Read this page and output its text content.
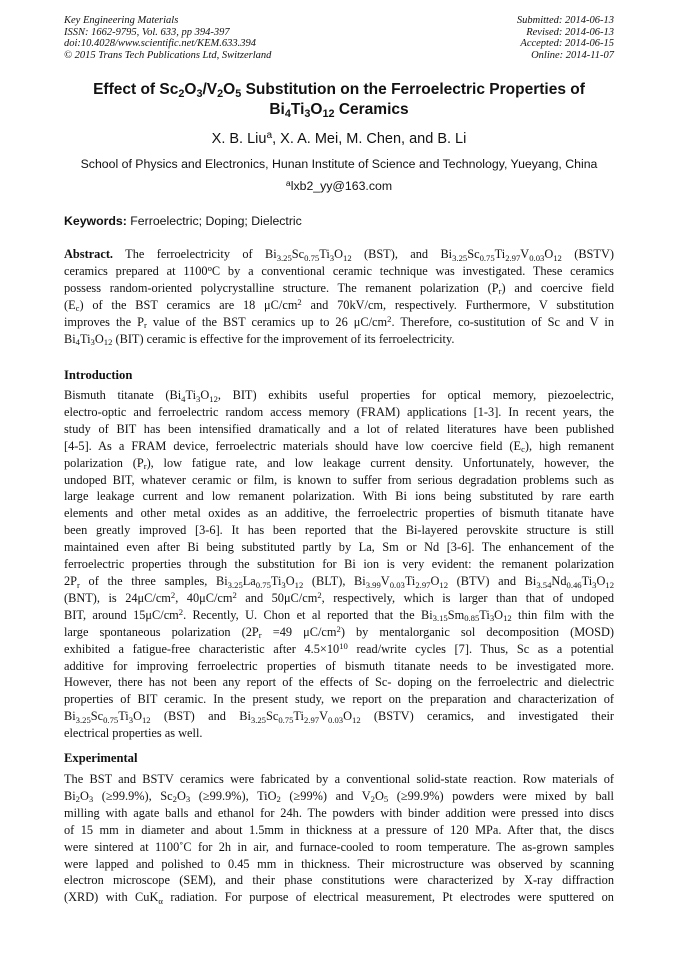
Key Engineering Materials
ISSN: 1662-9795, Vol. 633, pp 394-397
doi:10.4028/www.scientific.net/KEM.633.394
© 2015 Trans Tech Publications Ltd, Switzerland
Submitted: 2014-06-13
Revised: 2014-06-13
Accepted: 2014-06-15
Online: 2014-11-07
Effect of $Sc_2O_3/V_2O_5$ Substitution on the Ferroelectric Properties of
$Bi_4Ti_3O_{12}$ Ceramics
X. B. Liu$^a$, X. A. Mei, M. Chen, and B. Li
School of Physics and Electronics, Hunan Institute of Science and Technology, Yueyang, China
$^a$lxb2_yy@163.com
Keywords: Ferroelectric; Doping; Dielectric
Abstract. The ferroelectricity of $Bi_{3.25}Sc_{0.75}Ti_3O_{12}$ (BST), and $Bi_{3.25}Sc_{0.75}Ti_{2.97}V_{0.03}O_{12}$ (BSTV)
ceramics prepared at 1100$^o$C by a conventional ceramic technique was investigated. These ceramics
possess random-oriented polycrystalline structure. The remanent polarization $(P_r)$ and coercive field
$(E_c)$ of the BST ceramics are 18 $\mu C/cm^2$ and 70kV/cm, respectively. Furthermore, V substitution
improves the $P_r$ value of the BST ceramics up to 26 $\mu C/cm^2$. Therefore, co-sustitution of Sc and V in
$Bi_4Ti_3O_{12}$ (BIT) ceramic is effective for the improvement of its ferroelectricity.
Introduction
Bismuth titanate ($Bi_4Ti_3O_{12}$, BIT) exhibits useful properties for optical memory, piezoelectric,
electro-optic and ferroelectric random access memory (FRAM) applications [1-3]. In recent years, the
study of BIT has been intensified dramatically and a lot of related literatures have been published
[4-5]. As a FRAM device, ferroelectric materials should have low coercive field $(E_c)$, high remanent
polarization $(P_r)$, low fatigue rate, and low leakage current density. Unfortunately, however, the
undoped BIT, whatever ceramic or film, is known to suffer from serious degradation problems such as
large leakage current and low remanent polarization. With Bi ions being substituted by rare earth
elements and other metal oxides as an additive, the ferroelectric properties of bismuth titanate have
been greatly improved [3-6]. It has been reported that the Bi-layered perovskite structure is still
maintained even after Bi being substituted partly by La, Sm or Nd [3-6]. The enhancement of the
ferroelectric properties through the substitution for Bi ion is very evident: the remanent polarization
$2P_r$ of the three samples, $Bi_{3.25}La_{0.75}Ti_3O_{12}$ (BLT), $Bi_{3.99}V_{0.03}Ti_{2.97}O_{12}$ (BTV) and $Bi_{3.54}Nd_{0.46}Ti_3O_{12}$
(BNT), is $24\mu C/cm^2$, $40\mu C/cm^2$ and $50\mu C/cm^2$, respectively, which is larger than that of undoped
BIT, around $15\mu C/cm^2$. Recently, U. Chon et al reported that the $Bi_{3.15}Sm_{0.85}Ti_3O_{12}$ thin film with the
large spontaneous polarization ($2P_r =49$ $\mu C/cm^2$) by mentalorganic sol decomposition (MOSD)
exhibited a fatigue-free characteristic after $4.5\times 10^{10}$ read/write cycles [7]. Thus, Sc as a potential
additive for improving ferroelectric properties of bismuth titanate needs to be investigated more.
However, there has not been any report of the effects of Sc- doping on the ferroelectric and dielectric
properties of BIT ceramic. In the present study, we report on the preparation and characterization of
$Bi_{3.25}Sc_{0.75}Ti_3O_{12}$ (BST) and $Bi_{3.25}Sc_{0.75}Ti_{2.97}V_{0.03}O_{12}$ (BSTV) ceramics, and investigated their
electrical properties as well.
Experimental
The BST and BSTV ceramics were fabricated by a conventional solid-state reaction. Row materials of
$Bi_2O_3$ (≥99.9%), $Sc_2O_3$ (≥99.9%), TiO$_2$ (≥99%) and $V_2O_5$ (≥99.9%) powders were mixed by ball
milling with agate balls and ethanol for 24h. The powders with binder addition were pressed into discs
of 15 mm in diameter and about 1.5mm in thickness at a pressure of 120 MPa. After that, the discs
were sintered at 1100˚C for 2h in air, and furnace-cooled to room temperature. The as-grown samples
were lapped and polished to 0.45 mm in thickness. Their microstructure was observed by scanning
electron microscope (SEM), and their phase constitutions were characterized by X-ray diffraction
(XRD) with CuK$_\alpha$ radiation. For purpose of electrical measurement, Pt electrodes were sputtered on
